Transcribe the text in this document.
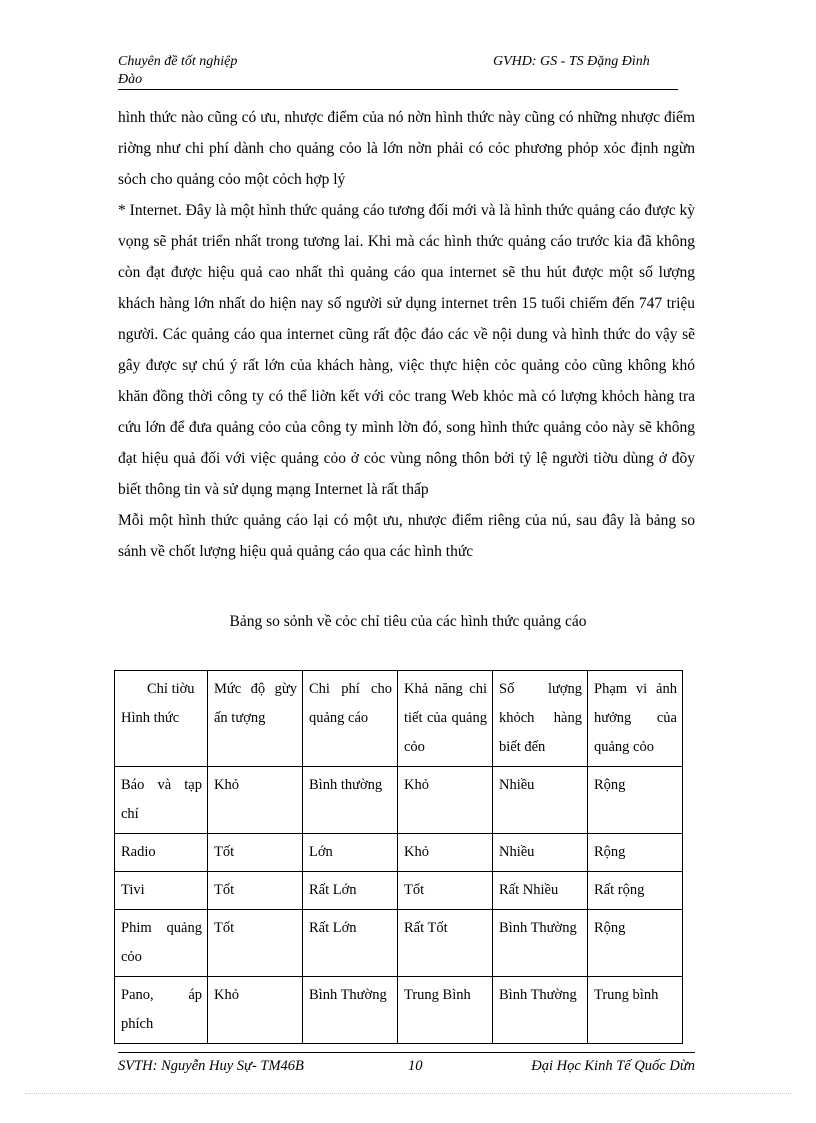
Chuyên đề tốt nghiệp	GVHD: GS - TS Đặng Đình
Đào

hình thức nào cũng có ưu, nhược điểm của nó nờn hình thức này cũng có những nhược điểm riờng như chi phí dành cho quảng cỏo là lớn nờn phải có cỏc phương phỏp xỏc định ngừn sỏch cho quảng cỏo một cỏch hợp lý

* Internet. Đây là một hình thức quảng cáo tương đối mới và là hình thức quảng cáo được kỳ vọng sẽ phát triển nhất trong tương lai. Khi mà các hình thức quảng cáo trước kia đã không còn đạt được hiệu quả cao nhất thì quảng cáo qua internet sẽ thu hút được một số lượng khách hàng lớn nhất do hiện nay số người sử dụng internet trên 15 tuổi chiếm đến 747 triệu người. Các quảng cáo qua internet cũng rất độc đáo các về nội dung và hình thức do vậy sẽ gây được sự chú ý rất lớn của khách hàng, việc thực hiện cỏc quảng cỏo cũng không khó khăn đồng thời công ty có thể liờn kết với cỏc trang Web khỏc mà có lượng khỏch hàng tra cứu lớn để đưa quảng cỏo của công ty mình lờn đó, song hình thức quảng cỏo này sẽ không đạt hiệu quả đối với việc quảng cỏo ở cỏc vùng nông thôn bởi tỷ lệ người tiờu dùng ở đõy biết thông tin và sử dụng mạng Internet là rất thấp

Mỗi một hình thức quảng cáo lại có một ưu, nhược điểm riêng của nú, sau đây là bảng so sánh về chốt lượng hiệu quả quảng cáo qua các hình thức

Bảng so sỏnh về cỏc chỉ tiêu của các hình thức quảng cáo
Chỉ tiờu
Hình thức	Mức độ gừy ấn tượng	Chi phí cho quảng cáo	Khả năng chi tiết của quảng cỏo	Số lượng khỏch hàng biết đến	Phạm vi ảnh hưởng của quảng cỏo
Báo và tạp chí	Khỏ	Bình thường	Khỏ	Nhiều	Rộng
Radio	Tốt	Lớn	Khỏ	Nhiều	Rộng
Tivi	Tốt	Rất Lớn	Tốt	Rất Nhiều	Rất rộng
Phim quảng cỏo	Tốt	Rất Lớn	Rất Tốt	Bình Thường	Rộng
Pano, áp phích	Khỏ	Bình Thường	Trung Bình	Bình Thường	Trung bình
SVTH: Nguyễn Huy Sự- TM46B	10	Đại Học Kinh Tế Quốc Dừn
